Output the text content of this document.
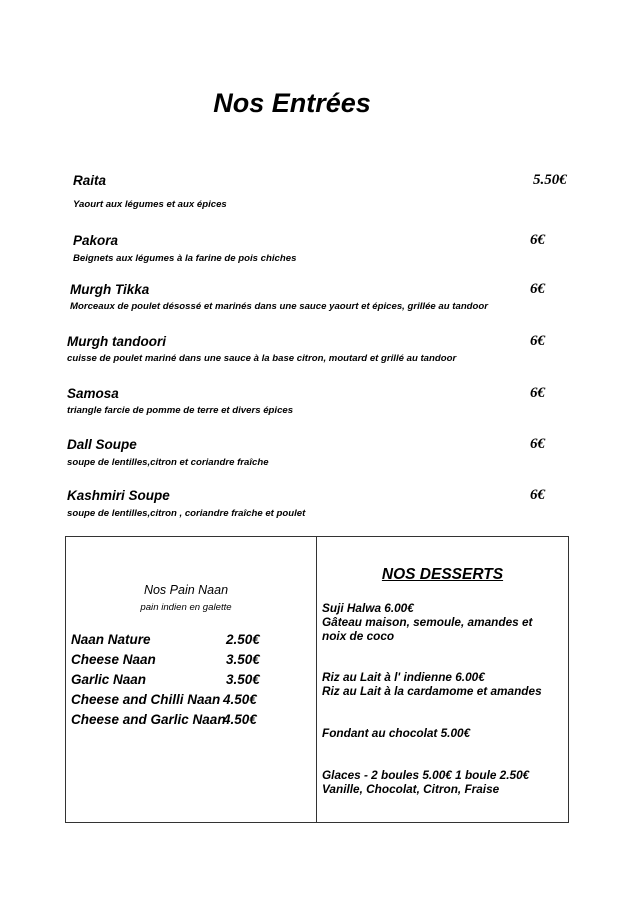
Nos Entrées
Raita
Yaourt aux légumes et aux épices
5.50€
Pakora
Beignets aux légumes à la farine de pois chiches
6€
Murgh Tikka
Morceaux de poulet désossé et marinés dans une sauce yaourt et épices, grillée au tandoor
6€
Murgh tandoori
cuisse de poulet mariné dans une sauce à la base citron, moutard et grillé au tandoor
6€
Samosa
triangle farcie de pomme de terre et divers épices
6€
Dall Soupe
soupe de lentilles,citron et coriandre fraîche
6€
Kashmiri Soupe
soupe de lentilles,citron , coriandre fraîche et poulet
6€
Nos Pain Naan
pain indien en galette
Naan Nature	2.50€
Cheese Naan	3.50€
Garlic Naan	3.50€
Cheese and Chilli Naan 4.50€
Cheese and Garlic Naan
4.50€
NOS DESSERTS
Suji Halwa 6.00€
Gâteau maison, semoule, amandes et
noix de coco
Riz au Lait à l' indienne 6.00€
Riz au Lait à la cardamome et amandes
Fondant au chocolat 5.00€
Glaces - 2 boules 5.00€ 1 boule 2.50€
Vanille, Chocolat, Citron, Fraise
